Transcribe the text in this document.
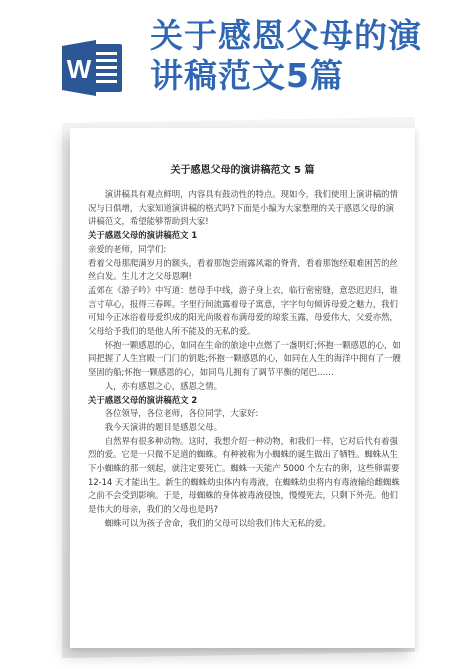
W
关于感恩父母的演
讲稿范文5篇
关于感恩父母的演讲稿范文 5 篇

演讲稿具有观点鲜明，内容具有鼓动性的特点。现如今，我们使用上演讲稿的情况与日俱增，大家知道演讲稿的格式吗?下面是小编为大家整理的关于感恩父母的演讲稿范文，希望能够帮助到大家!

关于感恩父母的演讲稿范文 1

亲爱的老师，同学们:

看着父母那爬满岁月的额头，看着那饱尝雨露风霜的脊背，看着那饱经艰难困苦的丝丝白发。生儿才之父母恩啊!

孟郊在《游子吟》中写道：慈母手中线，游子身上衣，临行密密缝，意恐迟迟归，谁言寸草心，报得三春晖。字里行间流露着母子寓意，字字句句倾诉母爱之魅力，我们可知今正冰浴着母爱织成的阳光尚吸着布满母爱的琼浆玉露，母爱伟大，父爱亦然，父母给予我们的是他人所不能及的无私的爱。

怀抱一颗感恩的心，如同在生命的旅途中点燃了一盏明灯;怀抱一颗感恩的心，如同把握了人生宫殿一门门的钥匙;怀抱一颗感恩的心，如同在人生的海洋中拥有了一艘坚固的船;怀抱一颗感恩的心，如同鸟儿拥有了调节平衡的尾巴……

人，亦有感恩之心，感恩之情。

关于感恩父母的演讲稿范文 2

各位领导，各位老师，各位同学，大家好:

我今天演讲的题目是感恩父母。

自然界有很多种动物。这时，我想介绍一种动物，和我们一样，它对后代有着强烈的爱。它是一只微不足道的蜘蛛。有种被称为小蜘蛛的诞生做出了牺牲。蜘蛛从生下小蜘蛛的那一刻起，就注定要死亡。蜘蛛一天能产 5000 个左右的卵，这些卵需要 12-14 天才能出生。新生的蜘蛛幼虫体内有毒液，在蜘蛛幼虫将内有毒液输给雌蜘蛛之前不会受到影响。于是，母蜘蛛的身体被毒液侵蚀，慢慢死去，只剩下外壳。他们是伟大的母亲，我们的父母也是吗?

蜘蛛可以为孩子舍命，我们的父母可以给我们伟大无私的爱。
